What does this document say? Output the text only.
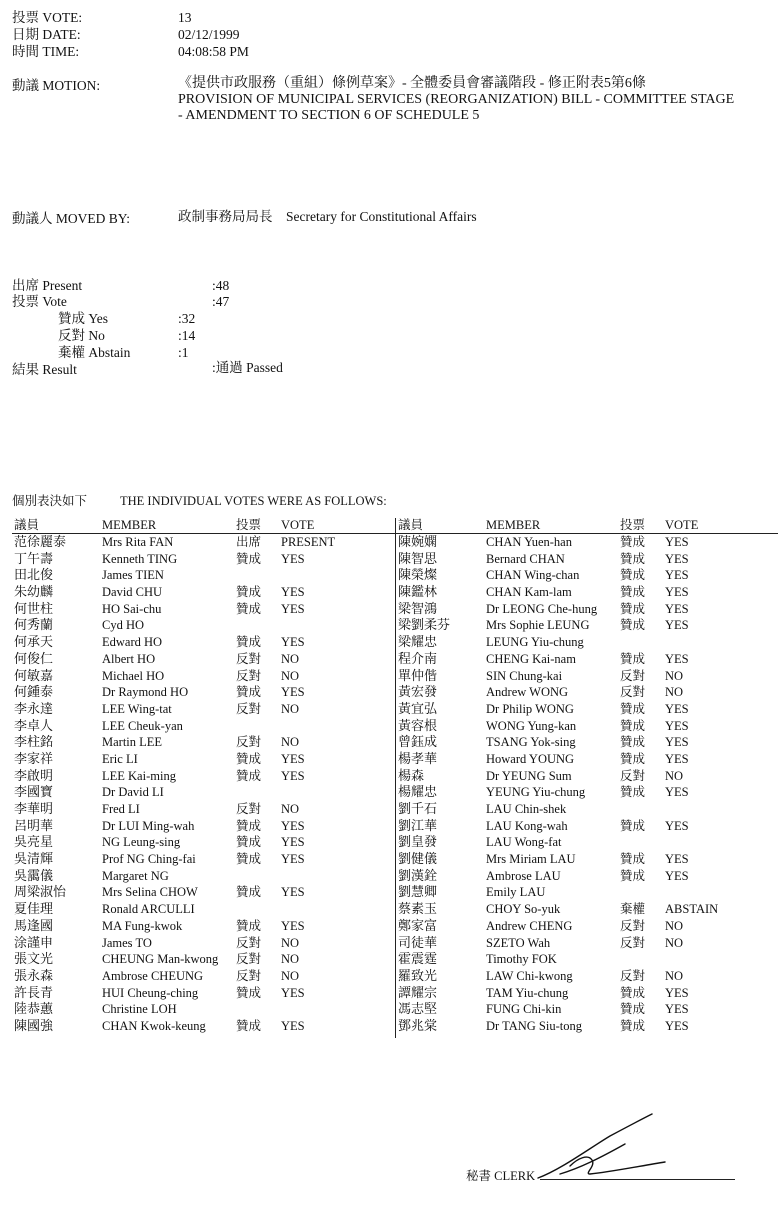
投票 VOTE:	13
日期 DATE:	02/12/1999
時間 TIME:	04:08:58 PM
動議 MOTION:	《提供市政服務（重組）條例草案》- 全體委員會審議階段 - 修正附表5第6條
PROVISION OF MUNICIPAL SERVICES (REORGANIZATION) BILL - COMMITTEE STAGE
- AMENDMENT TO SECTION 6 OF SCHEDULE 5
動議人 MOVED BY:	政制事務局局長　Secretary for Constitutional Affairs
出席 Present	:48
投票 Vote	:47
贊成 Yes	:32
反對 No	:14
棄權 Abstain	:1
結果 Result	:通過 Passed
個別表決如下	THE INDIVIDUAL VOTES WERE AS FOLLOWS:
議員	MEMBER	投票	VOTE
范徐麗泰	Mrs Rita FAN	出席	PRESENT
丁午壽	Kenneth TING	贊成	YES
田北俊	James TIEN		
朱幼麟	David CHU	贊成	YES
何世柱	HO Sai-chu	贊成	YES
何秀蘭	Cyd HO		
何承天	Edward HO	贊成	YES
何俊仁	Albert HO	反對	NO
何敏嘉	Michael HO	反對	NO
何鍾泰	Dr Raymond HO	贊成	YES
李永達	LEE Wing-tat	反對	NO
李卓人	LEE Cheuk-yan		
李柱銘	Martin LEE	反對	NO
李家祥	Eric LI	贊成	YES
李啟明	LEE Kai-ming	贊成	YES
李國寶	Dr David LI		
李華明	Fred LI	反對	NO
呂明華	Dr LUI Ming-wah	贊成	YES
吳亮星	NG Leung-sing	贊成	YES
吳清輝	Prof NG Ching-fai	贊成	YES
吳靄儀	Margaret NG		
周梁淑怡	Mrs Selina CHOW	贊成	YES
夏佳理	Ronald ARCULLI		
馬逢國	MA Fung-kwok	贊成	YES
涂謹申	James TO	反對	NO
張文光	CHEUNG Man-kwong	反對	NO
張永森	Ambrose CHEUNG	反對	NO
許長青	HUI Cheung-ching	贊成	YES
陸恭蕙	Christine LOH		
陳國強	CHAN Kwok-keung	贊成	YES
議員	MEMBER	投票	VOTE
陳婉嫻	CHAN Yuen-han	贊成	YES
陳智思	Bernard CHAN	贊成	YES
陳榮燦	CHAN Wing-chan	贊成	YES
陳鑑林	CHAN Kam-lam	贊成	YES
梁智鴻	Dr LEONG Che-hung	贊成	YES
梁劉柔芬	Mrs Sophie LEUNG	贊成	YES
梁耀忠	LEUNG Yiu-chung		
程介南	CHENG Kai-nam	贊成	YES
單仲偕	SIN Chung-kai	反對	NO
黃宏發	Andrew WONG	反對	NO
黃宜弘	Dr Philip WONG	贊成	YES
黃容根	WONG Yung-kan	贊成	YES
曾鈺成	TSANG Yok-sing	贊成	YES
楊孝華	Howard YOUNG	贊成	YES
楊森	Dr YEUNG Sum	反對	NO
楊耀忠	YEUNG Yiu-chung	贊成	YES
劉千石	LAU Chin-shek		
劉江華	LAU Kong-wah	贊成	YES
劉皇發	LAU Wong-fat		
劉健儀	Mrs Miriam LAU	贊成	YES
劉漢銓	Ambrose LAU	贊成	YES
劉慧卿	Emily LAU		
蔡素玉	CHOY So-yuk	棄權	ABSTAIN
鄭家富	Andrew CHENG	反對	NO
司徒華	SZETO Wah	反對	NO
霍震霆	Timothy FOK		
羅致光	LAW Chi-kwong	反對	NO
譚耀宗	TAM Yiu-chung	贊成	YES
馮志堅	FUNG Chi-kin	贊成	YES
鄧兆棠	Dr TANG Siu-tong	贊成	YES
秘書 CLERK
